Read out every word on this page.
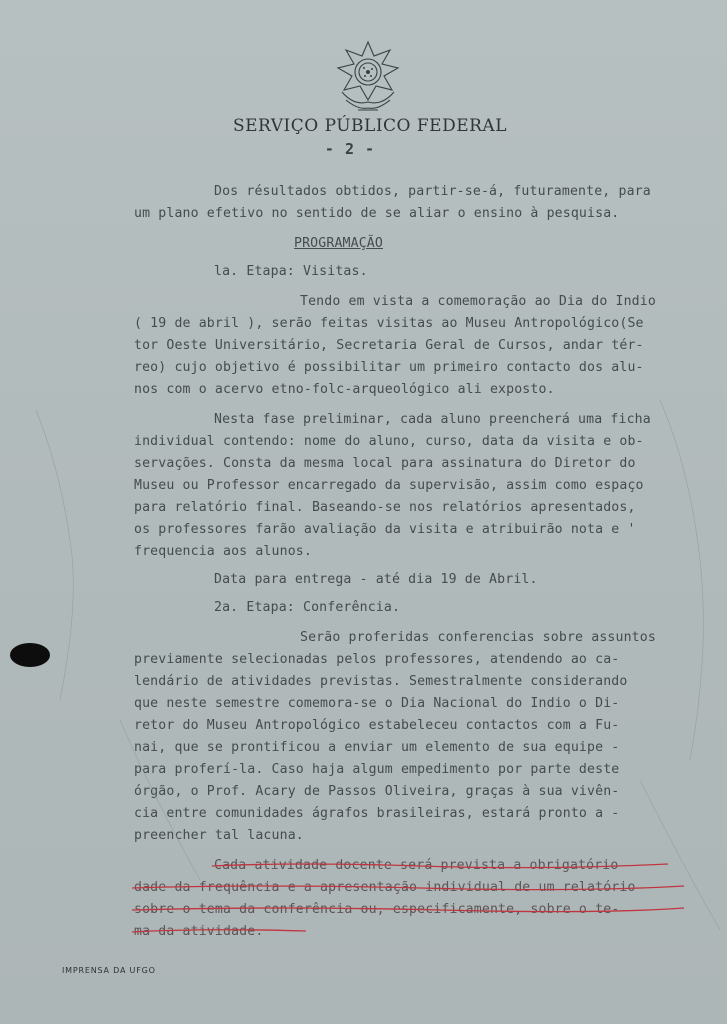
SERVIÇO PÚBLICO FEDERAL
- 2 -
Dos résultados obtidos, partir-se-á, futuramente, para
um plano efetivo no sentido de se aliar o ensino à pesquisa.
PROGRAMAÇÃO
la. Etapa: Visitas.
Tendo em vista a comemoração ao Dia do Indio
( 19 de abril ), serão feitas visitas ao Museu Antropológico(Se
tor Oeste Universitário, Secretaria Geral de Cursos, andar tér-
reo) cujo objetivo é possibilitar um primeiro contacto dos alu-
nos com o acervo etno-folc-arqueológico ali exposto.
Nesta fase preliminar, cada aluno preencherá uma ficha
individual contendo: nome do aluno, curso, data da visita e ob-
servações. Consta da mesma local para assinatura do Diretor do
Museu ou Professor encarregado da supervisão, assim como espaço
para relatório final. Baseando-se nos relatórios apresentados,
os professores farão avaliação da visita e atribuirão nota e '
frequencia aos alunos.
Data para entrega - até dia 19 de Abril.
2a. Etapa: Conferência.
Serão proferidas conferencias sobre assuntos
previamente selecionadas pelos professores, atendendo ao ca-
lendário de atividades previstas. Semestralmente considerando
que neste semestre comemora-se o Dia Nacional do Indio o Di-
retor do Museu Antropológico estabeleceu contactos com a Fu-
nai, que se prontificou a enviar um elemento de sua equipe -
para proferí-la. Caso haja algum empedimento por parte deste
órgão, o Prof. Acary de Passos Oliveira, graças à sua vivên-
cia entre comunidades ágrafos brasileiras, estará pronto a -
preencher tal lacuna.
Cada atividade docente será prevista a obrigatório
dade da frequência e a apresentação individual de um relatório
sobre o tema da conferência ou, especificamente, sobre o te-
ma da atividade.
IMPRENSA DA UFGO
